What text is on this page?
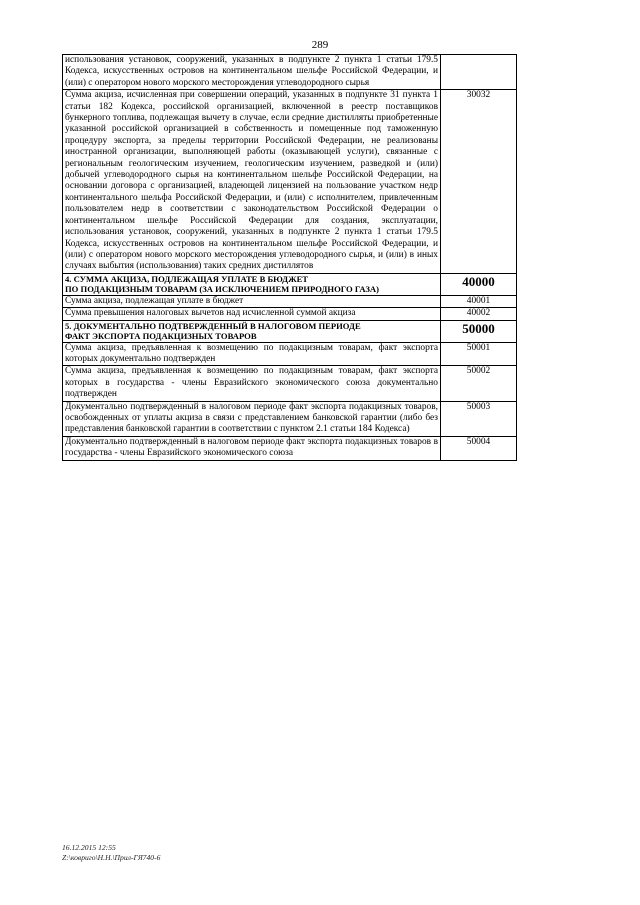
289
использования установок, сооружений, указанных в подпункте 2 пункта 1 статьи 179.5 Кодекса, искусственных островов на континентальном шельфе Российской Федерации, и (или) с оператором нового морского месторождения углеводородного сырья	
Сумма акциза, исчисленная при совершении операций, указанных в подпункте 31 пункта 1 статьи 182 Кодекса, российской организацией, включенной в реестр поставщиков бункерного топлива, подлежащая вычету в случае, если средние дистилляты приобретенные указанной российской организацией в собственность и помещенные под таможенную процедуру экспорта, за пределы территории Российской Федерации, не реализованы иностранной организации, выполняющей работы (оказывающей услуги), связанные с региональным геологическим изучением, геологическим изучением, разведкой и (или) добычей углеводородного сырья на континентальном шельфе Российской Федерации, на основании договора с организацией, владеющей лицензией на пользование участком недр континентального шельфа Российской Федерации, и (или) с исполнителем, привлеченным пользователем недр в соответствии с законодательством Российской Федерации о континентальном шельфе Российской Федерации для создания, эксплуатации, использования установок, сооружений, указанных в подпункте 2 пункта 1 статьи 179.5 Кодекса, искусственных островов на континентальном шельфе Российской Федерации, и (или) с оператором нового морского месторождения углеводородного сырья, и (или) в иных случаях выбытия (использования) таких средних дистиллятов	30032
4. СУММА АКЦИЗА, ПОДЛЕЖАЩАЯ УПЛАТЕ В БЮДЖЕТ
ПО ПОДАКЦИЗНЫМ ТОВАРАМ (ЗА ИСКЛЮЧЕНИЕМ ПРИРОДНОГО ГАЗА)	40000
Сумма акциза, подлежащая уплате в бюджет	40001
Сумма превышения налоговых вычетов над исчисленной суммой акциза	40002
5. ДОКУМЕНТАЛЬНО ПОДТВЕРЖДЕННЫЙ В НАЛОГОВОМ ПЕРИОДЕ
ФАКТ ЭКСПОРТА ПОДАКЦИЗНЫХ ТОВАРОВ	50000
Сумма акциза, предъявленная к возмещению по подакцизным товарам, факт экспорта которых документально подтвержден	50001
Сумма акциза, предъявленная к возмещению по подакцизным товарам, факт экспорта которых в государства - члены Евразийского экономического союза документально подтвержден	50002
Документально подтвержденный в налоговом периоде факт экспорта подакцизных товаров, освобожденных от уплаты акциза в связи с представлением банковской гарантии (либо без представления банковской гарантии в соответствии с пунктом 2.1 статьи 184 Кодекса)	50003
Документально подтвержденный в налоговом периоде факт экспорта подакцизных товаров в государства - члены Евразийского экономического союза	50004
16.12.2015 12:55
Z:\ковриго\Н.Н.\Прил-ГЯ740-6
